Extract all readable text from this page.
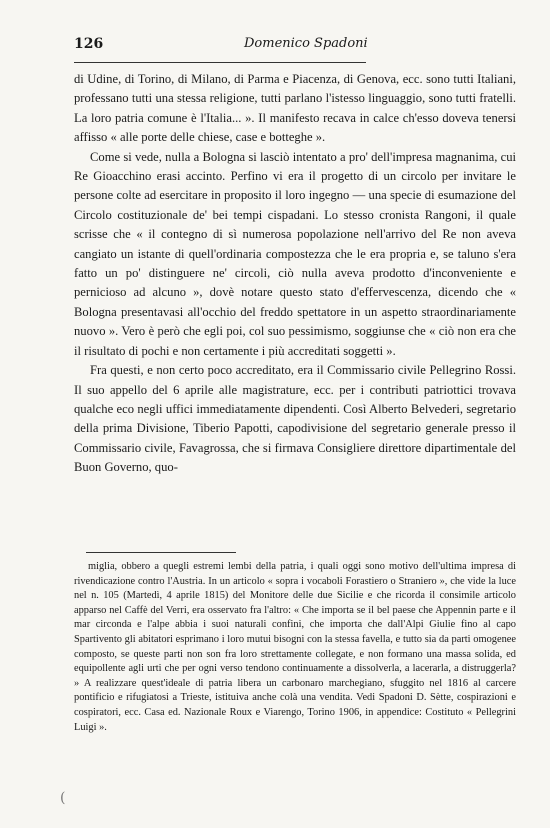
126	Domenico Spadoni

di Udine, di Torino, di Milano, di Parma e Piacenza, di Genova, ecc. sono tutti Italiani, professano tutti una stessa religione, tutti parlano l'istesso linguaggio, sono tutti fratelli. La loro patria comune è l'Italia... ». Il manifesto recava in calce ch'esso doveva tenersi affisso « alle porte delle chiese, case e botteghe ».

Come si vede, nulla a Bologna si lasciò intentato a pro' dell'impresa magnanima, cui Re Gioacchino erasi accinto. Perfino vi era il progetto di un circolo per invitare le persone colte ad esercitare in proposito il loro ingegno — una specie di esumazione del Circolo costituzionale de' bei tempi cispadani. Lo stesso cronista Rangoni, il quale scrisse che « il contegno di sì numerosa popolazione nell'arrivo del Re non aveva cangiato un istante di quell'ordinaria compostezza che le era propria e, se taluno s'era fatto un po' distinguere ne' circoli, ciò nulla aveva prodotto d'inconveniente e pernicioso ad alcuno », dovè notare questo stato d'effervescenza, dicendo che « Bologna presentavasi all'occhio del freddo spettatore in un aspetto straordinariamente nuovo ». Vero è però che egli poi, col suo pessimismo, soggiunse che « ciò non era che il risultato di pochi e non certamente i più accreditati soggetti ».

Fra questi, e non certo poco accreditato, era il Commissario civile Pellegrino Rossi. Il suo appello del 6 aprile alle magistrature, ecc. per i contributi patriottici trovava qualche eco negli uffici immediatamente dipendenti. Così Alberto Belvederi, segretario della prima Divisione, Tiberio Papotti, capodivisione del segretario generale presso il Commissario civile, Favagrossa, che si firmava Consigliere direttore dipartimentale del Buon Governo, quo-

miglia, obbero a quegli estremi lembi della patria, i quali oggi sono motivo dell'ultima impresa di rivendicazione contro l'Austria. In un articolo « sopra i vocaboli Forastiero o Straniero », che vide la luce nel n. 105 (Martedì, 4 aprile 1815) del Monitore delle due Sicilie e che ricorda il consimile articolo apparso nel Caffè del Verri, era osservato fra l'altro: « Che importa se il bel paese che Appennin parte e il mar circonda e l'alpe abbia i suoi naturali confini, che importa che dall'Alpi Giulie fino al capo Spartivento gli abitatori esprimano i loro mutui bisogni con la stessa favella, e tutto sia da parti omogenee composto, se queste parti non son fra loro strettamente collegate, e non formano una massa solida, ed equipollente agli urti che per ogni verso tendono continuamente a dissolverla, a lacerarla, a distruggerla? » A realizzare quest'ideale di patria libera un carbonaro marchegiano, sfuggito nel 1816 al carcere pontificio e rifugiatosi a Trieste, istituiva anche colà una vendita. Vedi Spadoni D. Sètte, cospirazioni e cospiratori, ecc. Casa ed. Nazionale Roux e Viarengo, Torino 1906, in appendice: Costituto « Pellegrini Luigi ».

(
